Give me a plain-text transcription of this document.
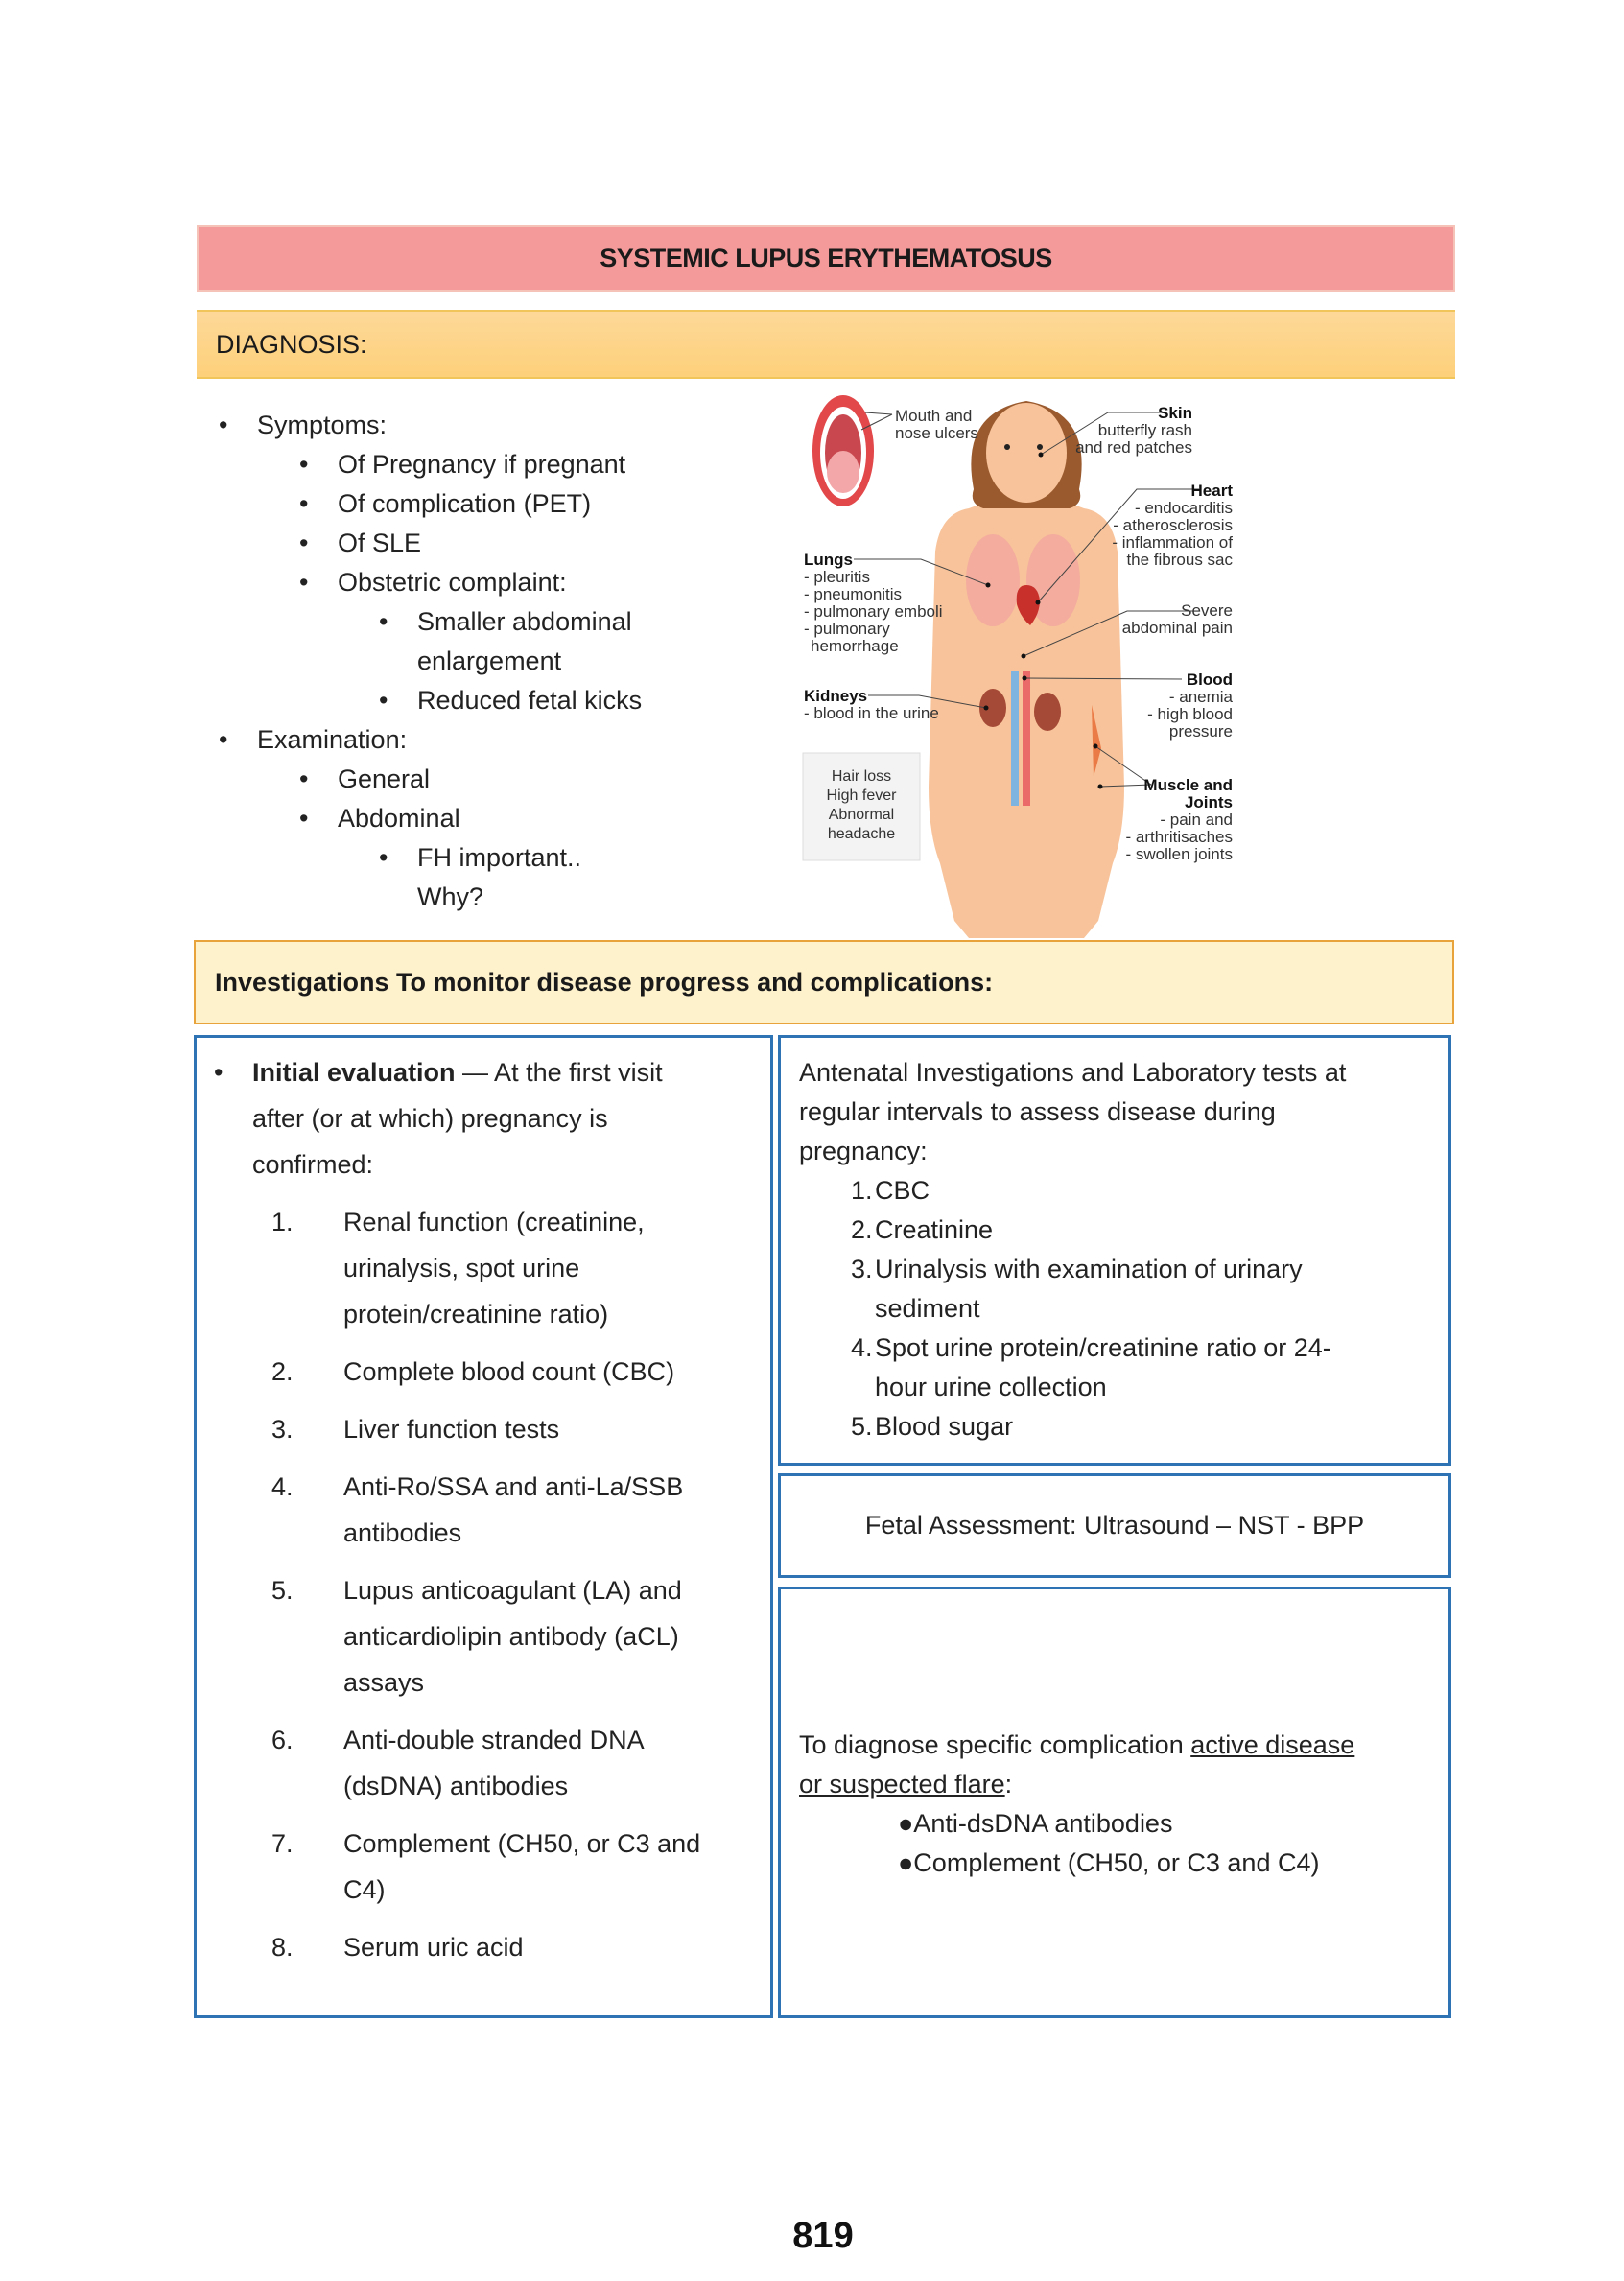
SYSTEMIC LUPUS ERYTHEMATOSUS
DIAGNOSIS:
• Symptoms:
• Of Pregnancy if pregnant
• Of complication (PET)
• Of SLE
• Obstetric complaint:
• Smaller abdominal
enlargement
• Reduced fetal kicks
• Examination:
• General
• Abdominal
• FH important..
Why?
Mouth and
nose ulcers
Skin
butterfly rash
and red patches
Heart
- endocarditis
- atherosclerosis
- inflammation of
the fibrous sac
Lungs
- pleuritis
- pneumonitis
- pulmonary emboli
- pulmonary
hemorrhage
Severe
abdominal pain
Blood
- anemia
- high blood
pressure
Kidneys
- blood in the urine
Muscle and
Joints
- pain and
- arthritisaches
- swollen joints
Hair loss
High fever
Abnormal
headache
Investigations To monitor disease progress and complications:
• Initial evaluation — At the first visit
after (or at which) pregnancy is
confirmed:
1. Renal function (creatinine,
urinalysis, spot urine
protein/creatinine ratio)
2. Complete blood count (CBC)
3. Liver function tests
4. Anti-Ro/SSA and anti-La/SSB
antibodies
5. Lupus anticoagulant (LA) and
anticardiolipin antibody (aCL)
assays
6. Anti-double stranded DNA
(dsDNA) antibodies
7. Complement (CH50, or C3 and
C4)
8. Serum uric acid
Antenatal Investigations and Laboratory tests at
regular intervals to assess disease during
pregnancy:
1. CBC
2. Creatinine
3. Urinalysis with examination of urinary
sediment
4. Spot urine protein/creatinine ratio or 24-
hour urine collection
5. Blood sugar
Fetal Assessment: Ultrasound – NST - BPP
To diagnose specific complication active disease
or suspected flare:
●Anti-dsDNA antibodies
●Complement (CH50, or C3 and C4)
819
